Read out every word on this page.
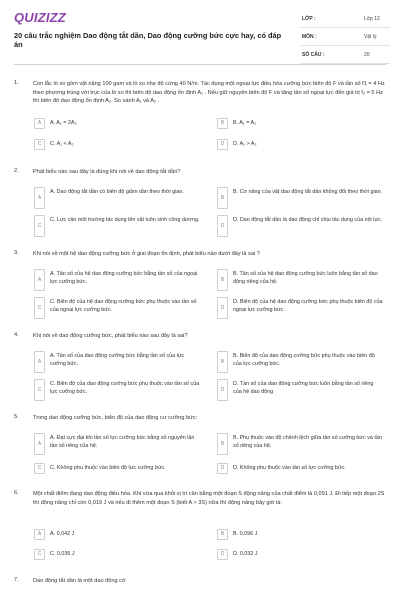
QUIZIZZ
20 câu trắc nghiệm Dao động tắt dần, Dao động cưỡng bức cực hay, có đáp án
LỚP :	Lớp 12
MÔN :	Vật lý
SỐ CÂU :	20
1.	Con lắc lò xo gồm vật nặng 100 gam và lò xo nhẹ độ cứng 40 N/m. Tác dụng một ngoại lực điều hòa cưỡng bức biên độ F và tần số f1 = 4 Hz theo phương trùng với trục của lò xo thì biên độ dao động ổn định A₁ . Nếu giữ nguyên biên độ F và tăng tần số ngoại lực đến giá trị f₂ = 5 Hz thì biên độ dao động ổn định A₂. So sánh A₁ và A₂ .
A	A. A₁ = 2A₂	B	B. A₁ = A₂
C	C. A₁ < A₂	D	D. A₁ > A₂
2.	Phát biểu nào sau đây là đúng khi nói về dao động tắt dần?
A
A. Dao động tắt dần có biên độ giảm dần theo thời gian.
B
B. Cơ năng của vật dao động tắt dần không đổi theo thời gian.
C
C. Lực cản môi trường tác dụng lên vật luôn sinh công dương.
D
D. Dao động tắt dần là dao động chỉ chịu tác dụng của nội lực.
3.	Khi nói về một hệ dao động cưỡng bức ở giai đoạn ổn định, phát biểu nào dưới đây là sai ?
A
A. Tần số của hệ dao động cưỡng bức bằng tần số của ngoại lực cưỡng bức.	B
B. Tần số của hệ dao động cưỡng bức luôn bằng tần số dao động riêng của hệ.
C
C. Biên độ của hệ dao động cưỡng bức phụ thuộc vào tần số của ngoại lực cưỡng bức.	D
D. Biên độ của hệ dao động cưỡng bức phụ thuộc biên độ của ngoại lực cưỡng bức.
4.	Khi nói về dao động cưỡng bức, phát biểu nào sau đây là sai?
A
A. Tần số của dao động cưỡng bức bằng tần số của lực cưỡng bức.	B
B. Biên độ của dao động cưỡng bức phụ thuộc vào biên độ của lực cưỡng bức.
C
C. Biên độ của dao động cưỡng bức phụ thuộc vào tần số của lực cưỡng bức.	D
D. Tần số của dao động cưỡng bức luôn bằng tần số riêng của hệ dao động
5.	Trong dao động cưỡng bức, biên độ của dao động cư cưỡng bức:
A
A. Đạt cực đại khi tần số lực cưỡng bức bằng số nguyên lần tần số riêng của hệ.	B
B. Phụ thuộc vào độ chênh lệch giữa tần số cưỡng bức và tần số riêng của hệ.
C	C. Không phụ thuộc vào biên độ lực cưỡng bức.	D	D. Không phụ thuộc vào tần số lực cưỡng bức.
6.	Một chất điểm đang dao động điều hòa. Khi vừa qua khỏi vị trí cân bằng một đoạn S động năng của chất điểm là 0,091 J. Đi tiếp một đoạn 2S thì động năng chỉ còn 0,019 J và nếu đi thêm một đoạn S (biết A > 3S) nữa thì động năng bây giờ là:
A	A. 0,042 J	B	B. 0,096 J
C	C. 0,036 J	D	D. 0,032 J
7.	Dao động tắt dần là một dao động có:
